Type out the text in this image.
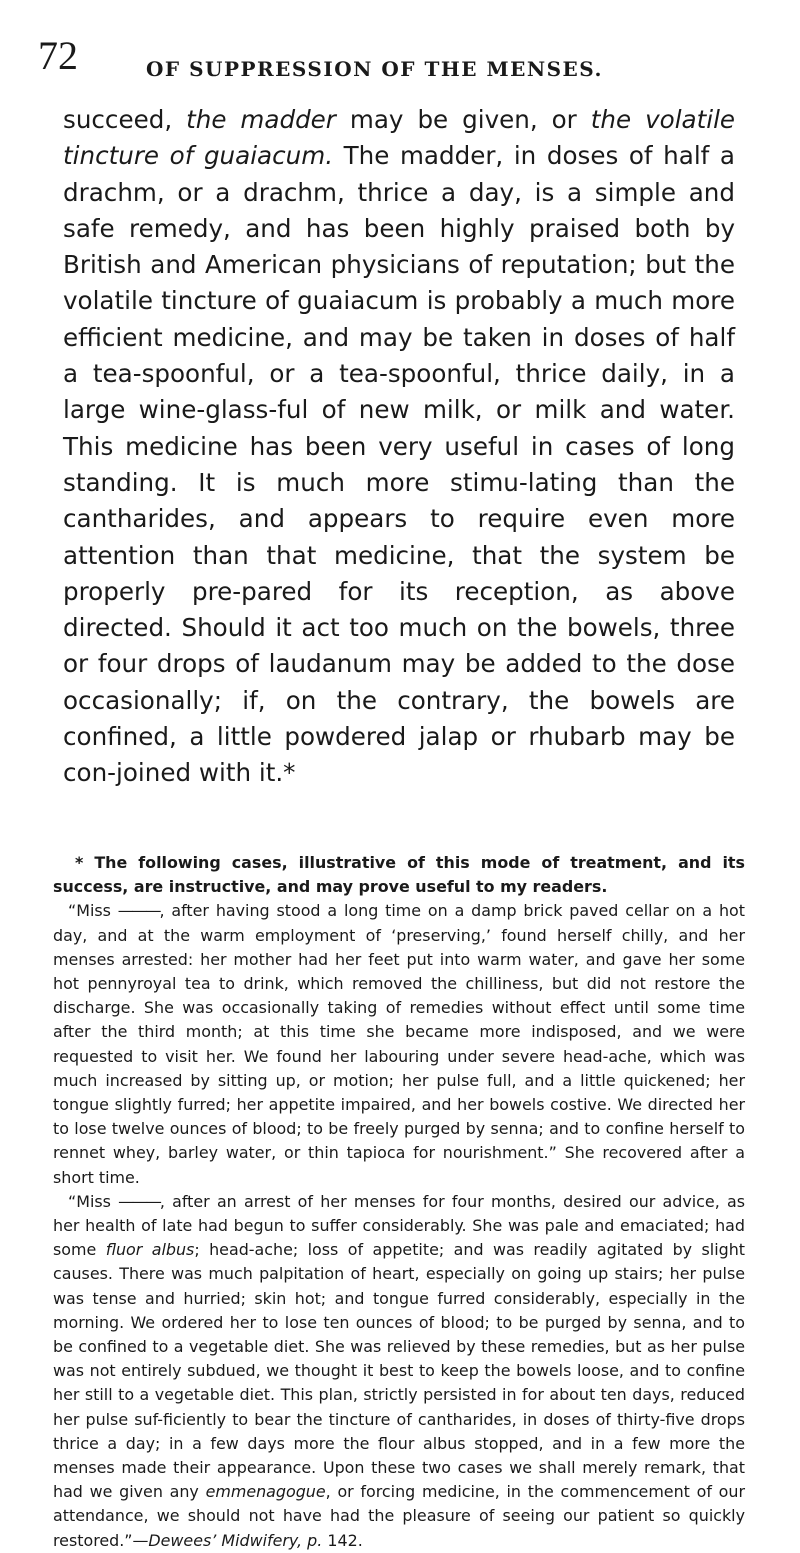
72	OF SUPPRESSION OF THE MENSES.

succeed, the madder may be given, or the volatile tincture of guaiacum. The madder, in doses of half a drachm, or a drachm, thrice a day, is a simple and safe remedy, and has been highly praised both by British and American physicians of reputation; but the volatile tincture of guaiacum is probably a much more efficient medicine, and may be taken in doses of half a tea-spoonful, or a tea-spoonful, thrice daily, in a large wine-glass-ful of new milk, or milk and water. This medicine has been very useful in cases of long standing. It is much more stimu-lating than the cantharides, and appears to require even more attention than that medicine, that the system be properly pre-pared for its reception, as above directed. Should it act too much on the bowels, three or four drops of laudanum may be added to the dose occasionally; if, on the contrary, the bowels are confined, a little powdered jalap or rhubarb may be con-joined with it.*

* The following cases, illustrative of this mode of treatment, and its success, are instructive, and may prove useful to my readers.

“Miss ———, after having stood a long time on a damp brick paved cellar on a hot day, and at the warm employment of ‘preserving,’ found herself chilly, and her menses arrested: her mother had her feet put into warm water, and gave her some hot pennyroyal tea to drink, which removed the chilliness, but did not restore the discharge. She was occasionally taking of remedies without effect until some time after the third month; at this time she became more indisposed, and we were requested to visit her. We found her labouring under severe head-ache, which was much increased by sitting up, or motion; her pulse full, and a little quickened; her tongue slightly furred; her appetite impaired, and her bowels costive. We directed her to lose twelve ounces of blood; to be freely purged by senna; and to confine herself to rennet whey, barley water, or thin tapioca for nourishment.” She recovered after a short time.

“Miss ———, after an arrest of her menses for four months, desired our advice, as her health of late had begun to suffer considerably. She was pale and emaciated; had some fluor albus; head-ache; loss of appetite; and was readily agitated by slight causes. There was much palpitation of heart, especially on going up stairs; her pulse was tense and hurried; skin hot; and tongue furred considerably, especially in the morning. We ordered her to lose ten ounces of blood; to be purged by senna, and to be confined to a vegetable diet. She was relieved by these remedies, but as her pulse was not entirely subdued, we thought it best to keep the bowels loose, and to confine her still to a vegetable diet. This plan, strictly persisted in for about ten days, reduced her pulse suf-ficiently to bear the tincture of cantharides, in doses of thirty-five drops thrice a day; in a few days more the flour albus stopped, and in a few more the menses made their appearance. Upon these two cases we shall merely remark, that had we given any emmenagogue, or forcing medicine, in the commencement of our attendance, we should not have had the pleasure of seeing our patient so quickly restored.”—Dewees’ Midwifery, p. 142.
